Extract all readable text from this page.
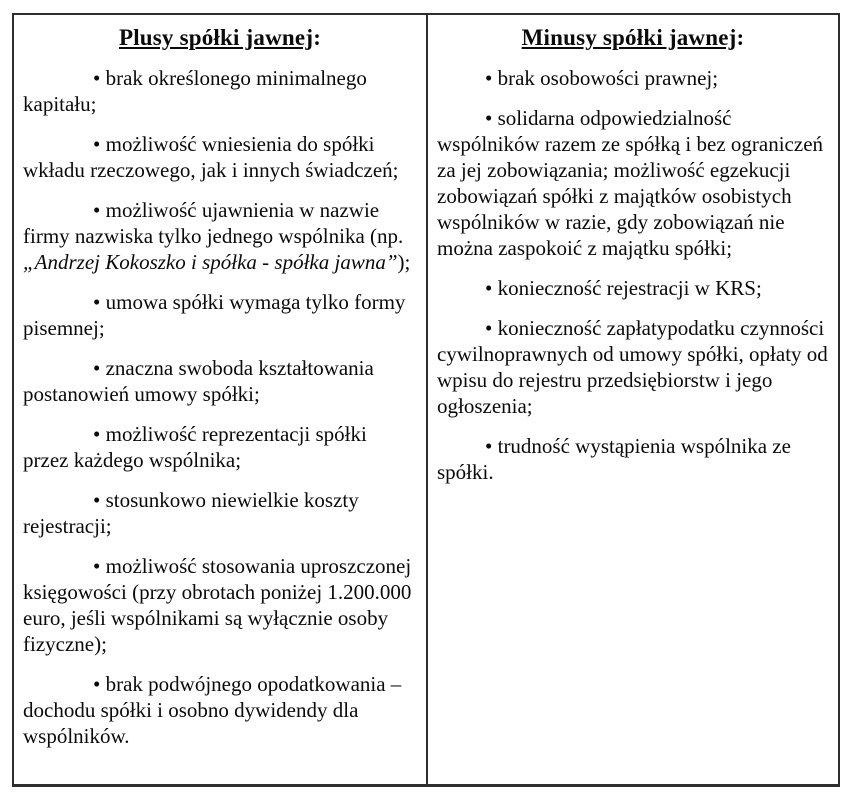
Plusy spółki jawnej:

• brak określonego minimalnego kapitału;

• możliwość wniesienia do spółki wkładu rzeczowego, jak i innych świadczeń;

• możliwość ujawnienia w nazwie firmy nazwiska tylko jednego wspólnika (np. „Andrzej Kokoszko i spółka - spółka jawna”);

• umowa spółki wymaga tylko formy pisemnej;

• znaczna swoboda kształtowania postanowień umowy spółki;

• możliwość reprezentacji spółki przez każdego wspólnika;

• stosunkowo niewielkie koszty rejestracji;

• możliwość stosowania uproszczonej księgowości (przy obrotach poniżej 1.200.000 euro, jeśli wspólnikami są wyłącznie osoby fizyczne);

• brak podwójnego opodatkowania – dochodu spółki i osobno dywidendy dla wspólników.

Minusy spółki jawnej:

• brak osobowości prawnej;

• solidarna odpowiedzialność wspólników razem ze spółką i bez ograniczeń za jej zobowiązania; możliwość egzekucji zobowiązań spółki z majątków osobistych wspólników w razie, gdy zobowiązań nie można zaspokoić z majątku spółki;

• konieczność rejestracji w KRS;

• konieczność zapłatypodatku czynności cywilnoprawnych od umowy spółki, opłaty od wpisu do rejestru przedsiębiorstw i jego ogłoszenia;

• trudność wystąpienia wspólnika ze spółki.
